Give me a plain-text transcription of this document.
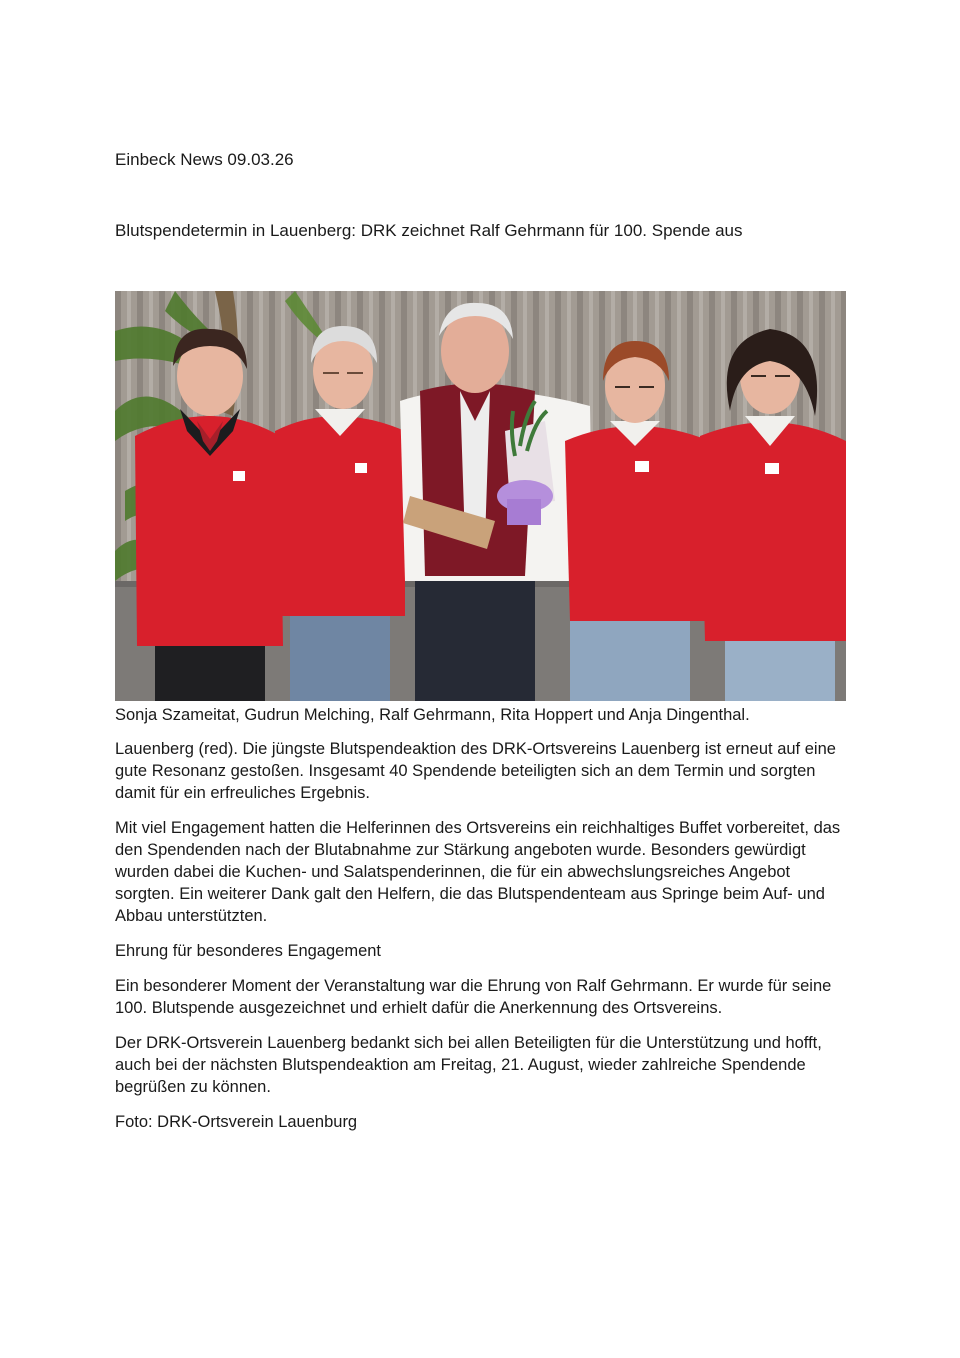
Einbeck News 09.03.26
Blutspendetermin in Lauenberg: DRK zeichnet Ralf Gehrmann für 100. Spende aus
Sonja Szameitat, Gudrun Melching, Ralf Gehrmann, Rita Hoppert und Anja Dingenthal.

Lauenberg (red). Die jüngste Blutspendeaktion des DRK-Ortsvereins Lauenberg ist erneut auf eine gute Resonanz gestoßen. Insgesamt 40 Spendende beteiligten sich an dem Termin und sorgten damit für ein erfreuliches Ergebnis.

Mit viel Engagement hatten die Helferinnen des Ortsvereins ein reichhaltiges Buffet vorbereitet, das den Spendenden nach der Blutabnahme zur Stärkung angeboten wurde. Besonders gewürdigt wurden dabei die Kuchen- und Salatspenderinnen, die für ein abwechslungsreiches Angebot sorgten. Ein weiterer Dank galt den Helfern, die das Blutspendenteam aus Springe beim Auf- und Abbau unterstützten.

Ehrung für besonderes Engagement

Ein besonderer Moment der Veranstaltung war die Ehrung von Ralf Gehrmann. Er wurde für seine 100. Blutspende ausgezeichnet und erhielt dafür die Anerkennung des Ortsvereins.

Der DRK-Ortsverein Lauenberg bedankt sich bei allen Beteiligten für die Unterstützung und hofft, auch bei der nächsten Blutspendeaktion am Freitag, 21. August, wieder zahlreiche Spendende begrüßen zu können.

Foto: DRK-Ortsverein Lauenburg
